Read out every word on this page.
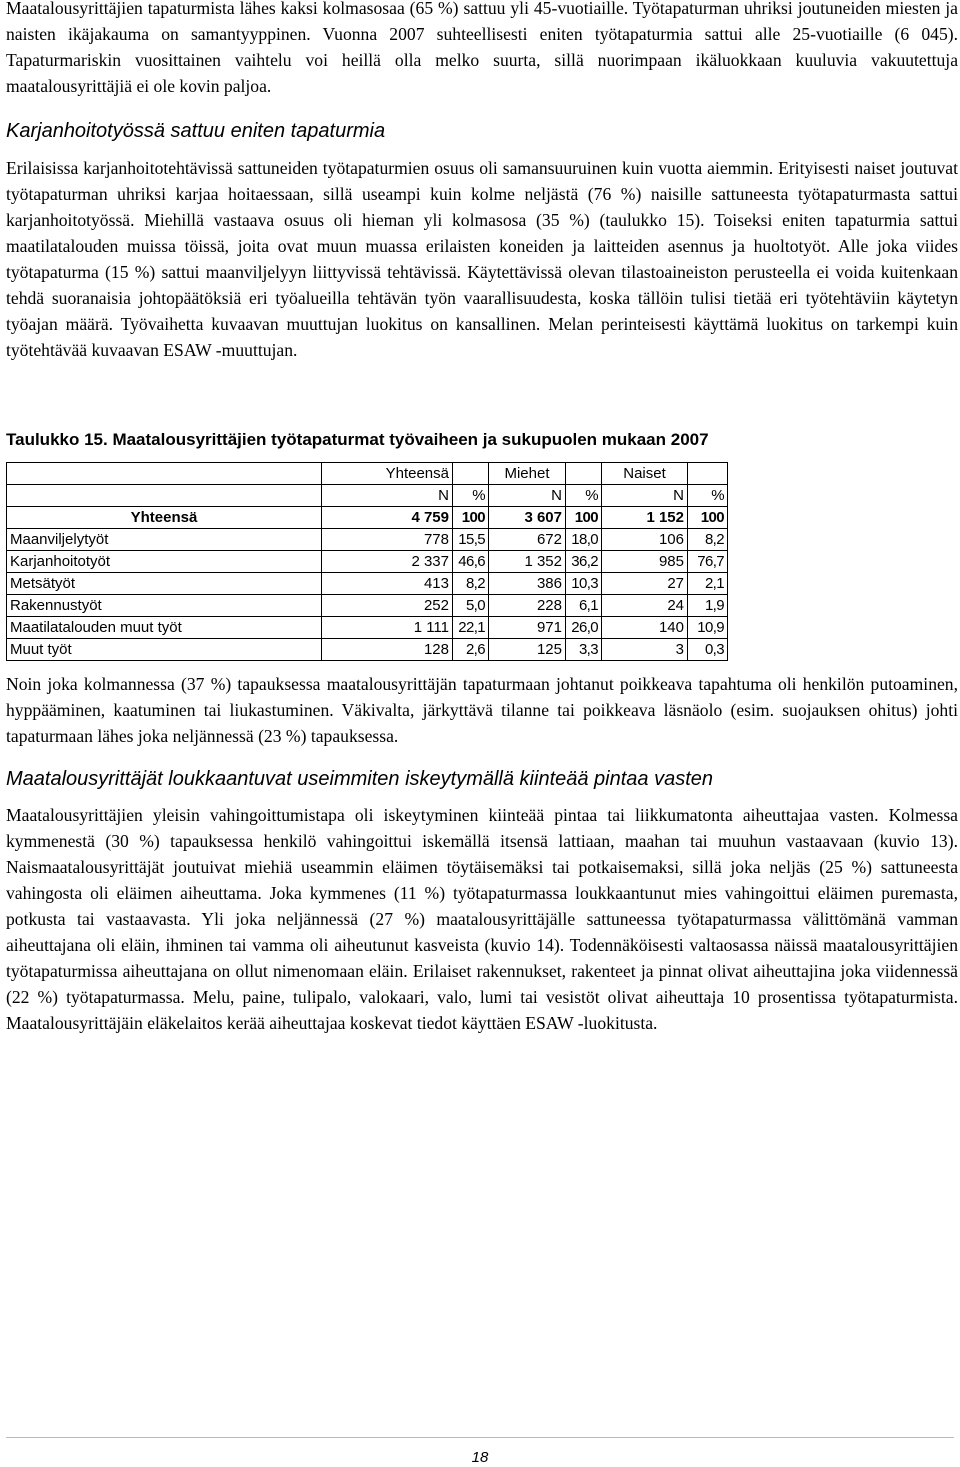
Maatalousyrittäjien tapaturmista lähes kaksi kolmasosaa (65 %) sattuu yli 45-vuotiaille. Työtapaturman uhriksi joutuneiden miesten ja naisten ikäjakauma on samantyyppinen. Vuonna 2007 suhteellisesti eniten työtapaturmia sattui alle 25-vuotiaille (6 045). Tapaturmariskin vuosittainen vaihtelu voi heillä olla melko suurta, sillä nuorimpaan ikäluokkaan kuuluvia vakuutettuja maatalousyrittäjiä ei ole kovin paljoa.

Karjanhoitotyössä sattuu eniten tapaturmia

Erilaisissa karjanhoitotehtävissä sattuneiden työtapaturmien osuus oli samansuuruinen kuin vuotta aiemmin. Erityisesti naiset joutuvat työtapaturman uhriksi karjaa hoitaessaan, sillä useampi kuin kolme neljästä (76 %) naisille sattuneesta työtapaturmasta sattui karjanhoitotyössä. Miehillä vastaava osuus oli hieman yli kolmasosa (35 %) (taulukko 15). Toiseksi eniten tapaturmia sattui maatilatalouden muissa töissä, joita ovat muun muassa erilaisten koneiden ja laitteiden asennus ja huoltotyöt. Alle joka viides työtapaturma (15 %) sattui maanviljelyyn liittyvissä tehtävissä. Käytettävissä olevan tilastoaineiston perusteella ei voida kuitenkaan tehdä suoranaisia johtopäätöksiä eri työalueilla tehtävän työn vaarallisuudesta, koska tällöin tulisi tietää eri työtehtäviin käytetyn työajan määrä. Työvaihetta kuvaavan muuttujan luokitus on kansallinen. Melan perinteisesti käyttämä luokitus on tarkempi kuin työtehtävää kuvaavan ESAW -muuttujan.

Taulukko 15. Maatalousyrittäjien työtapaturmat työvaiheen ja sukupuolen mukaan 2007

	Yhteensä		Miehet		Naiset	
	N	%	N	%	N	%
Yhteensä	4 759	100	3 607	100	1 152	100
Maanviljelytyöt	778	15,5	672	18,0	106	8,2
Karjanhoitotyöt	2 337	46,6	1 352	36,2	985	76,7
Metsätyöt	413	8,2	386	10,3	27	2,1
Rakennustyöt	252	5,0	228	6,1	24	1,9
Maatilatalouden muut työt	1 111	22,1	971	26,0	140	10,9
Muut työt	128	2,6	125	3,3	3	0,3

Noin joka kolmannessa (37 %) tapauksessa maatalousyrittäjän tapaturmaan johtanut poikkeava tapahtuma oli henkilön putoaminen, hyppääminen, kaatuminen tai liukastuminen. Väkivalta, järkyttävä tilanne tai poikkeava läsnäolo (esim. suojauksen ohitus) johti tapaturmaan lähes joka neljännessä (23 %) tapauksessa.

Maatalousyrittäjät loukkaantuvat useimmiten iskeytymällä kiinteää pintaa vasten

Maatalousyrittäjien yleisin vahingoittumistapa oli iskeytyminen kiinteää pintaa tai liikkumatonta aiheuttajaa vasten. Kolmessa kymmenestä (30 %) tapauksessa henkilö vahingoittui iskemällä itsensä lattiaan, maahan tai muuhun vastaavaan (kuvio 13). Naismaatalousyrittäjät joutuivat miehiä useammin eläimen töytäisemäksi tai potkaisemaksi, sillä joka neljäs (25 %) sattuneesta vahingosta oli eläimen aiheuttama. Joka kymmenes (11 %) työtapaturmassa loukkaantunut mies vahingoittui eläimen puremasta, potkusta tai vastaavasta. Yli joka neljännessä (27 %) maatalousyrittäjälle sattuneessa työtapaturmassa välittömänä vamman aiheuttajana oli eläin, ihminen tai vamma oli aiheutunut kasveista (kuvio 14). Todennäköisesti valtaosassa näissä maatalousyrittäjien työtapaturmissa aiheuttajana on ollut nimenomaan eläin. Erilaiset rakennukset, rakenteet ja pinnat olivat aiheuttajina joka viidennessä (22 %) työtapaturmassa. Melu, paine, tulipalo, valokaari, valo, lumi tai vesistöt olivat aiheuttaja 10 prosentissa työtapaturmista. Maatalousyrittäjäin eläkelaitos kerää aiheuttajaa koskevat tiedot käyttäen ESAW -luokitusta.

18
